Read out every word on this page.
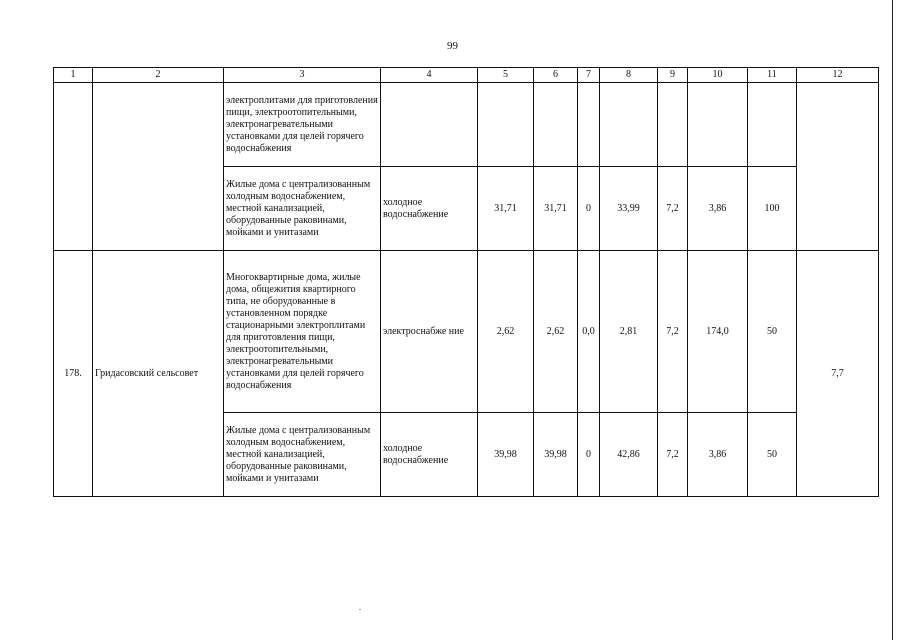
99
1	2	3	4	5	6	7	8	9	10	11	12
		электроплитами для приготовления пищи, электроотопительными, электронагревательными установками для целей горячего водоснабжения									
		Жилые дома с централизованным холодным водоснабжением, местной канализацией, оборудованные раковинами, мойками и унитазами	холодное водоснабжение	31,71	31,71	0	33,99	7,2	3,86	100	
178.	Гридасовский сельсовет	Многоквартирные дома, жилые дома, общежития квартирного типа, не оборудованные в установленном порядке стационарными электроплитами для приготовления пищи, электроотопительными, электронагревательными установками для целей горячего водоснабжения	электроснабже ние	2,62	2,62	0,0	2,81	7,2	174,0	50	7,7
		Жилые дома с централизованным холодным водоснабжением, местной канализацией, оборудованные раковинами, мойками и унитазами	холодное водоснабжение	39,98	39,98	0	42,86	7,2	3,86	50	
